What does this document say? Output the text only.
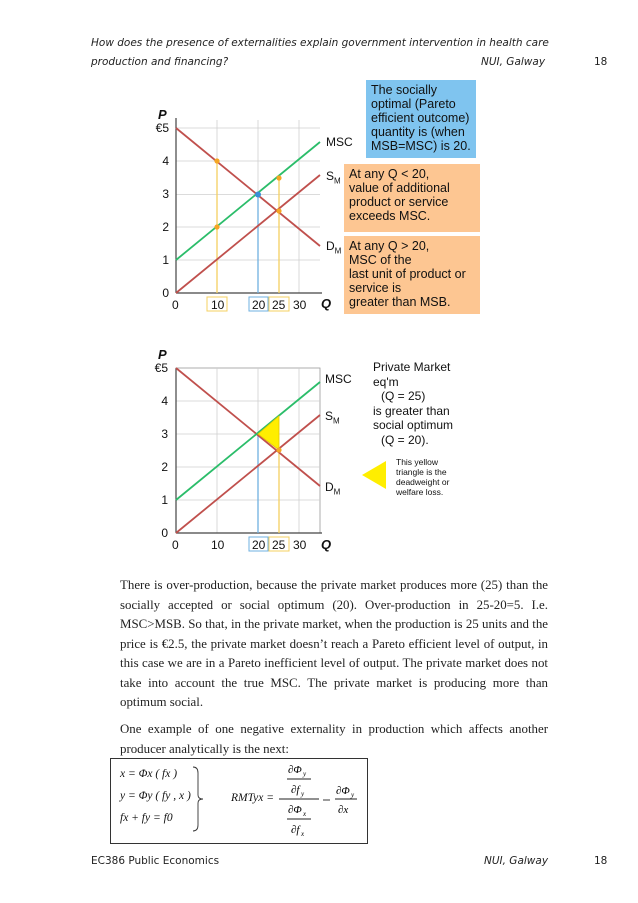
How does the presence of externalities explain government intervention in health care
production and financing?	NUI, Galway	18
P
Q
€5
4
3
2
1
0
0	10 20 25 30
MSC
$S_M$
$D_M$
The socially
optimal (Pareto
efficient outcome)
quantity is (when
MSB=MSC) is 20.
At any Q < 20,
value of additional
product or service
exceeds MSC.
At any Q > 20,
MSC of the
last unit of product or
service is
greater than MSB.
P
Q
€5
4
3
2
1
0
0	10 20 25 30
MSC
$S_M$
$D_M$
Private Market
eq'm
(Q = 25)
is greater than
social optimum
(Q = 20).
This yellow
triangle is the
deadweight or
welfare loss.

There is over-production, because the private market produces more (25) than the socially accepted or social optimum (20). Over-production in 25-20=5. I.e. MSC>MSB. So that, in the private market, when the production is 25 units and the price is €2.5, the private market doesn’t reach a Pareto efficient level of output, in this case we are in a Pareto inefficient level of output. The private market does not take into account the true MSC. The private market is producing more than optimum social.

One example of one negative externality in production which affects another producer analytically is the next:

x = Φx ( fx )
y = Φy ( fy , x )
fx + fy = f0
∂Φ y
∂f y
∂Φ x
∂f x
∂Φ y
∂x
RMTyx =
EC386 Public Economics	NUI, Galway	18
